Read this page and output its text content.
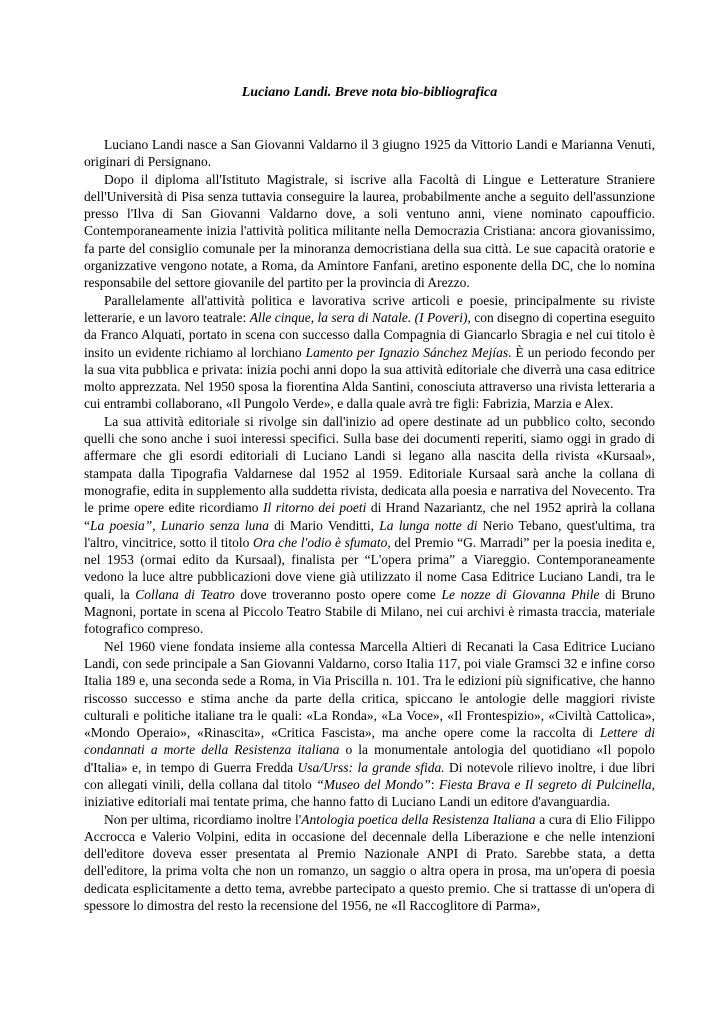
Luciano Landi. Breve nota bio-bibliografica

Luciano Landi nasce a San Giovanni Valdarno il 3 giugno 1925 da Vittorio Landi e Marianna Venuti, originari di Persignano.

Dopo il diploma all'Istituto Magistrale, si iscrive alla Facoltà di Lingue e Letterature Straniere dell'Università di Pisa senza tuttavia conseguire la laurea, probabilmente anche a seguito dell'assunzione presso l'Ilva di San Giovanni Valdarno dove, a soli ventuno anni, viene nominato capoufficio. Contemporaneamente inizia l'attività politica militante nella Democrazia Cristiana: ancora giovanissimo, fa parte del consiglio comunale per la minoranza democristiana della sua città. Le sue capacità oratorie e organizzative vengono notate, a Roma, da Amintore Fanfani, aretino esponente della DC, che lo nomina responsabile del settore giovanile del partito per la provincia di Arezzo.

Parallelamente all'attività politica e lavorativa scrive articoli e poesie, principalmente su riviste letterarie, e un lavoro teatrale: Alle cinque, la sera di Natale. (I Poveri), con disegno di copertina eseguito da Franco Alquati, portato in scena con successo dalla Compagnia di Giancarlo Sbragia e nel cui titolo è insito un evidente richiamo al lorchiano Lamento per Ignazio Sánchez Mejías. È un periodo fecondo per la sua vita pubblica e privata: inizia pochi anni dopo la sua attività editoriale che diverrà una casa editrice molto apprezzata. Nel 1950 sposa la fiorentina Alda Santini, conosciuta attraverso una rivista letteraria a cui entrambi collaborano, «Il Pungolo Verde», e dalla quale avrà tre figli: Fabrizia, Marzia e Alex.

La sua attività editoriale si rivolge sin dall'inizio ad opere destinate ad un pubblico colto, secondo quelli che sono anche i suoi interessi specifici. Sulla base dei documenti reperiti, siamo oggi in grado di affermare che gli esordi editoriali di Luciano Landi si legano alla nascita della rivista «Kursaal», stampata dalla Tipografia Valdarnese dal 1952 al 1959. Editoriale Kursaal sarà anche la collana di monografie, edita in supplemento alla suddetta rivista, dedicata alla poesia e narrativa del Novecento. Tra le prime opere edite ricordiamo Il ritorno dei poeti di Hrand Nazariantz, che nel 1952 aprirà la collana “La poesia”, Lunario senza luna di Mario Venditti, La lunga notte di Nerio Tebano, quest'ultima, tra l'altro, vincitrice, sotto il titolo Ora che l'odio è sfumato, del Premio “G. Marradi” per la poesia inedita e, nel 1953 (ormai edito da Kursaal), finalista per “L'opera prima” a Viareggio. Contemporaneamente vedono la luce altre pubblicazioni dove viene già utilizzato il nome Casa Editrice Luciano Landi, tra le quali, la Collana di Teatro dove troveranno posto opere come Le nozze di Giovanna Phile di Bruno Magnoni, portate in scena al Piccolo Teatro Stabile di Milano, nei cui archivi è rimasta traccia, materiale fotografico compreso.

Nel 1960 viene fondata insieme alla contessa Marcella Altieri di Recanati la Casa Editrice Luciano Landi, con sede principale a San Giovanni Valdarno, corso Italia 117, poi viale Gramsci 32 e infine corso Italia 189 e, una seconda sede a Roma, in Via Priscilla n. 101. Tra le edizioni più significative, che hanno riscosso successo e stima anche da parte della critica, spiccano le antologie delle maggiori riviste culturali e politiche italiane tra le quali: «La Ronda», «La Voce», «Il Frontespizio», «Civiltà Cattolica», «Mondo Operaio», «Rinascita», «Critica Fascista», ma anche opere come la raccolta di Lettere di condannati a morte della Resistenza italiana o la monumentale antologia del quotidiano «Il popolo d'Italia» e, in tempo di Guerra Fredda Usa/Urss: la grande sfida. Di notevole rilievo inoltre, i due libri con allegati vinili, della collana dal titolo “Museo del Mondo”: Fiesta Brava e Il segreto di Pulcinella, iniziative editoriali mai tentate prima, che hanno fatto di Luciano Landi un editore d'avanguardia.

Non per ultima, ricordiamo inoltre l'Antologia poetica della Resistenza Italiana a cura di Elio Filippo Accrocca e Valerio Volpini, edita in occasione del decennale della Liberazione e che nelle intenzioni dell'editore doveva esser presentata al Premio Nazionale ANPI di Prato. Sarebbe stata, a detta dell'editore, la prima volta che non un romanzo, un saggio o altra opera in prosa, ma un'opera di poesia dedicata esplicitamente a detto tema, avrebbe partecipato a questo premio. Che si trattasse di un'opera di spessore lo dimostra del resto la recensione del 1956, ne «Il Raccoglitore di Parma»,
